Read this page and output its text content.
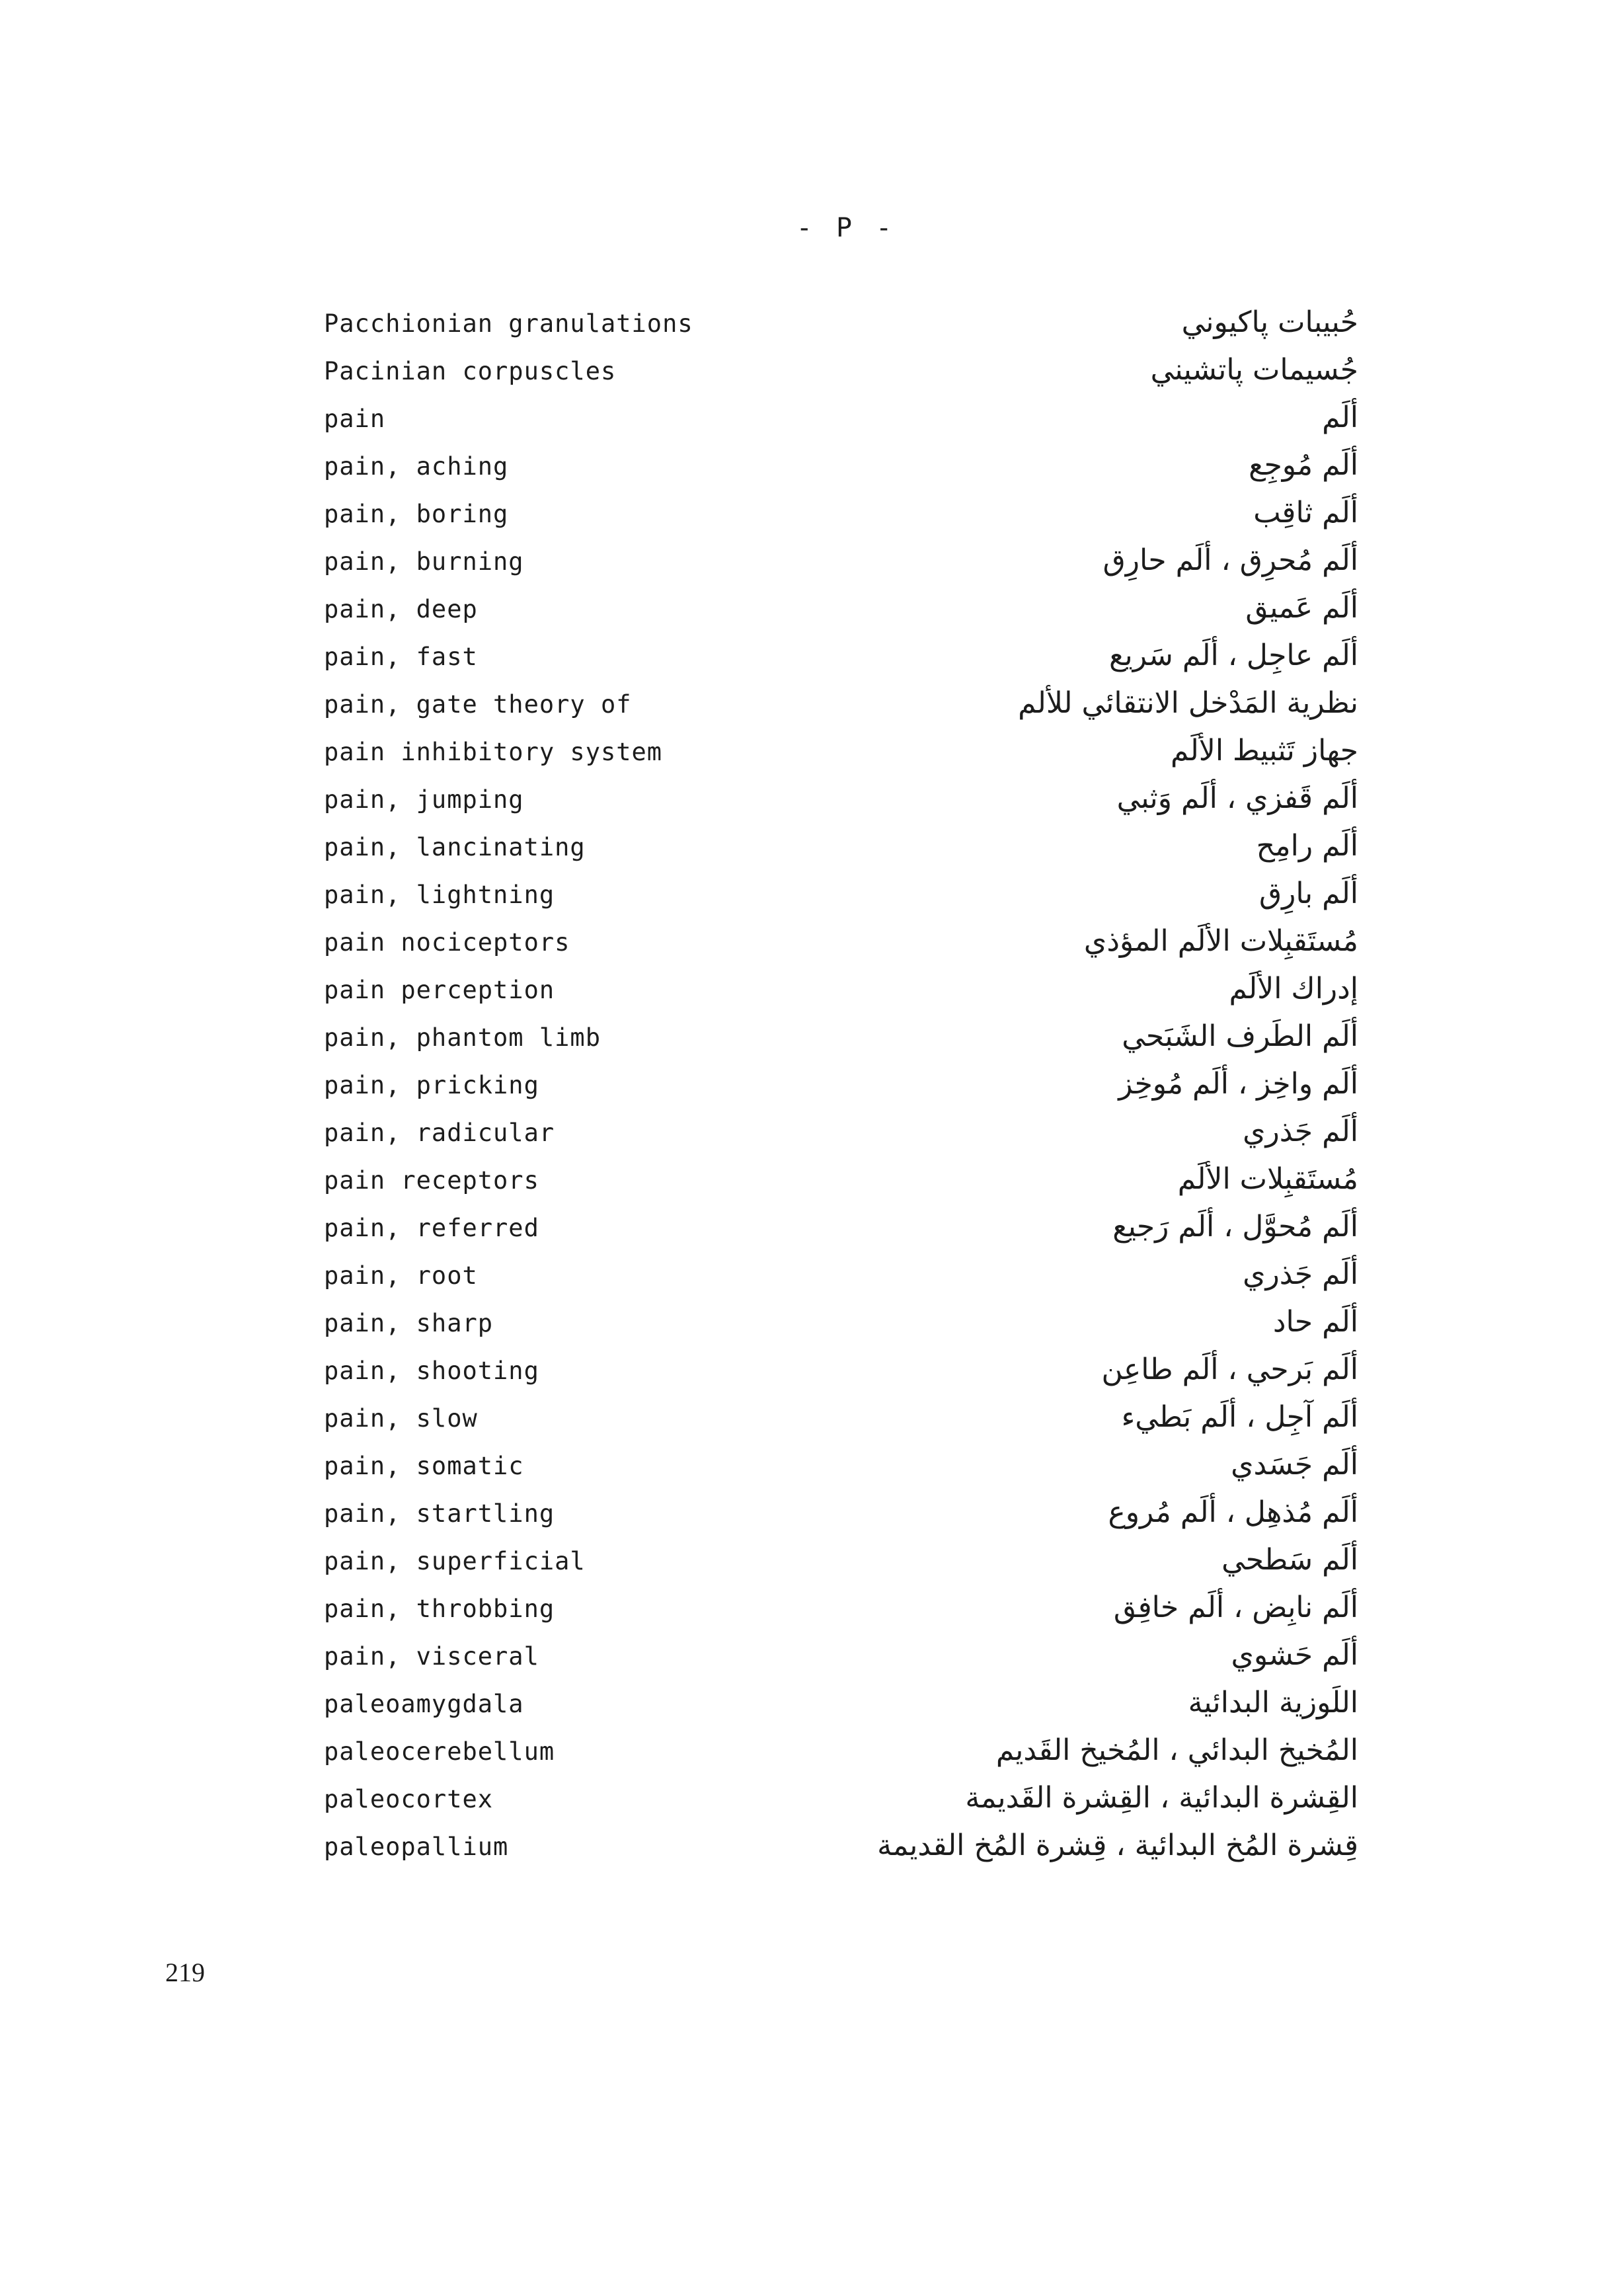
- P -
Pacchionian granulations	حُبيبات پاكيوني
Pacinian corpuscles	جُسيمات پاتشيني
pain	ألَم
pain, aching	ألَم مُوجِع
pain, boring	ألَم ثاقِب
pain, burning	ألَم مُحرِق ، ألَم حارِق
pain, deep	ألَم عَميق
pain, fast	ألَم عاجِل ، ألَم سَريع
pain, gate theory of	نظرية المَدْخل الانتقائي للألم
pain inhibitory system	جهاز تَثبيط الألَم
pain, jumping	ألَم قَفزي ، ألَم وَثبي
pain, lancinating	ألَم رامِح
pain, lightning	ألَم بارِق
pain nociceptors	مُستَقبِلات الألَم المؤذي
pain perception	إدراك الألَم
pain, phantom limb	ألَم الطَرف الشَبَحي
pain, pricking	ألَم واخِز ، ألَم مُوخِز
pain, radicular	ألَم جَذري
pain receptors	مُستَقبِلات الألَم
pain, referred	ألَم مُحوَّل ، ألَم رَجيع
pain, root	ألَم جَذري
pain, sharp	ألَم حاد
pain, shooting	ألَم بَرحي ، ألَم طاعِن
pain, slow	ألَم آجِل ، ألَم بَطيء
pain, somatic	ألَم جَسَدي
pain, startling	ألَم مُذهِل ، ألَم مُروع
pain, superficial	ألَم سَطحي
pain, throbbing	ألَم نابِض ، ألَم خافِق
pain, visceral	ألَم حَشوي
paleoamygdala	اللَوزية البدائية
paleocerebellum	المُخيخ البدائي ، المُخيخ القَديم
paleocortex	القِشرة البدائية ، القِشرة القَديمة
paleopallium	قِشرة المُخ البدائية ، قِشرة المُخ القديمة
219
